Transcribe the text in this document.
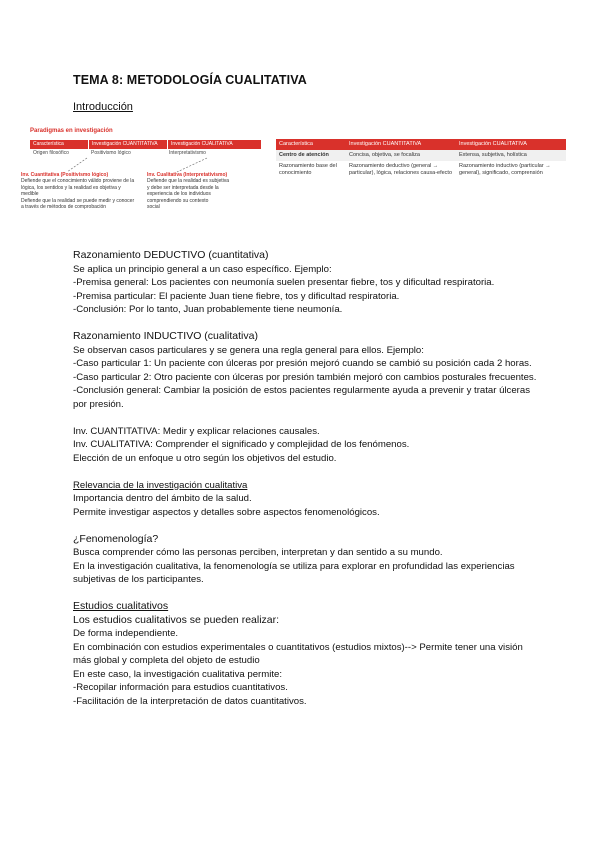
TEMA 8: METODOLOGÍA CUALITATIVA
Introducción
Paradigmas en investigación
Característica	Investigación CUANTITATIVA	Investigación CUALITATIVA
Origen filosófico	Positivismo lógico	Interpretativismo
Inv. Cuantitativa (Positivismo lógico)
Defiende que el conocimiento válido proviene de la
lógica, los sentidos y la realidad es objetiva y
medible
Defiende que la realidad se puede medir y conocer
a través de métodos de comprobación
Inv. Cualitativa (Interpretativismo)
Defiende que la realidad es subjetiva
y debe ser interpretada desde la
experiencia de los individuos
comprendiendo su contexto
social
Característica	Investigación CUANTITATIVA	Investigación CUALITATIVA
Centro de atención	Concisa, objetiva, se focaliza	Extensa, subjetiva, holística
Razonamiento base del conocimiento	Razonamiento deductivo (general → particular), lógica, relaciones causa-efecto	Razonamiento inductivo (particular → general), significado, comprensión

Razonamiento DEDUCTIVO (cuantitativa)

Se aplica un principio general a un caso específico. Ejemplo:

-Premisa general: Los pacientes con neumonía suelen presentar fiebre, tos y dificultad respiratoria.

-Premisa particular: El paciente Juan tiene fiebre, tos y dificultad respiratoria.

-Conclusión: Por lo tanto, Juan probablemente tiene neumonía.

Razonamiento INDUCTIVO (cualitativa)

Se observan casos particulares y se genera una regla general para ellos. Ejemplo:

-Caso particular 1: Un paciente con úlceras por presión mejoró cuando se cambió su posición cada 2 horas.

-Caso particular 2: Otro paciente con úlceras por presión también mejoró con cambios posturales frecuentes.

-Conclusión general: Cambiar la posición de estos pacientes regularmente ayuda a prevenir y tratar úlceras por presión.

Inv. CUANTITATIVA: Medir y explicar relaciones causales.

Inv. CUALITATIVA: Comprender el significado y complejidad de los fenómenos.

Elección de un enfoque u otro según los objetivos del estudio.

Relevancia de la investigación cualitativa

Importancia dentro del ámbito de la salud.

Permite investigar aspectos y detalles sobre aspectos fenomenológicos.

¿Fenomenología?

Busca comprender cómo las personas perciben, interpretan y dan sentido a su mundo.

En la investigación cualitativa, la fenomenología se utiliza para explorar en profundidad las experiencias subjetivas de los participantes.

Estudios cualitativos

Los estudios cualitativos se pueden realizar:

De forma independiente.

En combinación con estudios experimentales o cuantitativos (estudios mixtos)--> Permite tener una visión más global y completa del objeto de estudio

En este caso, la investigación cualitativa permite:

-Recopilar información para estudios cuantitativos.

-Facilitación de la interpretación de datos cuantitativos.
